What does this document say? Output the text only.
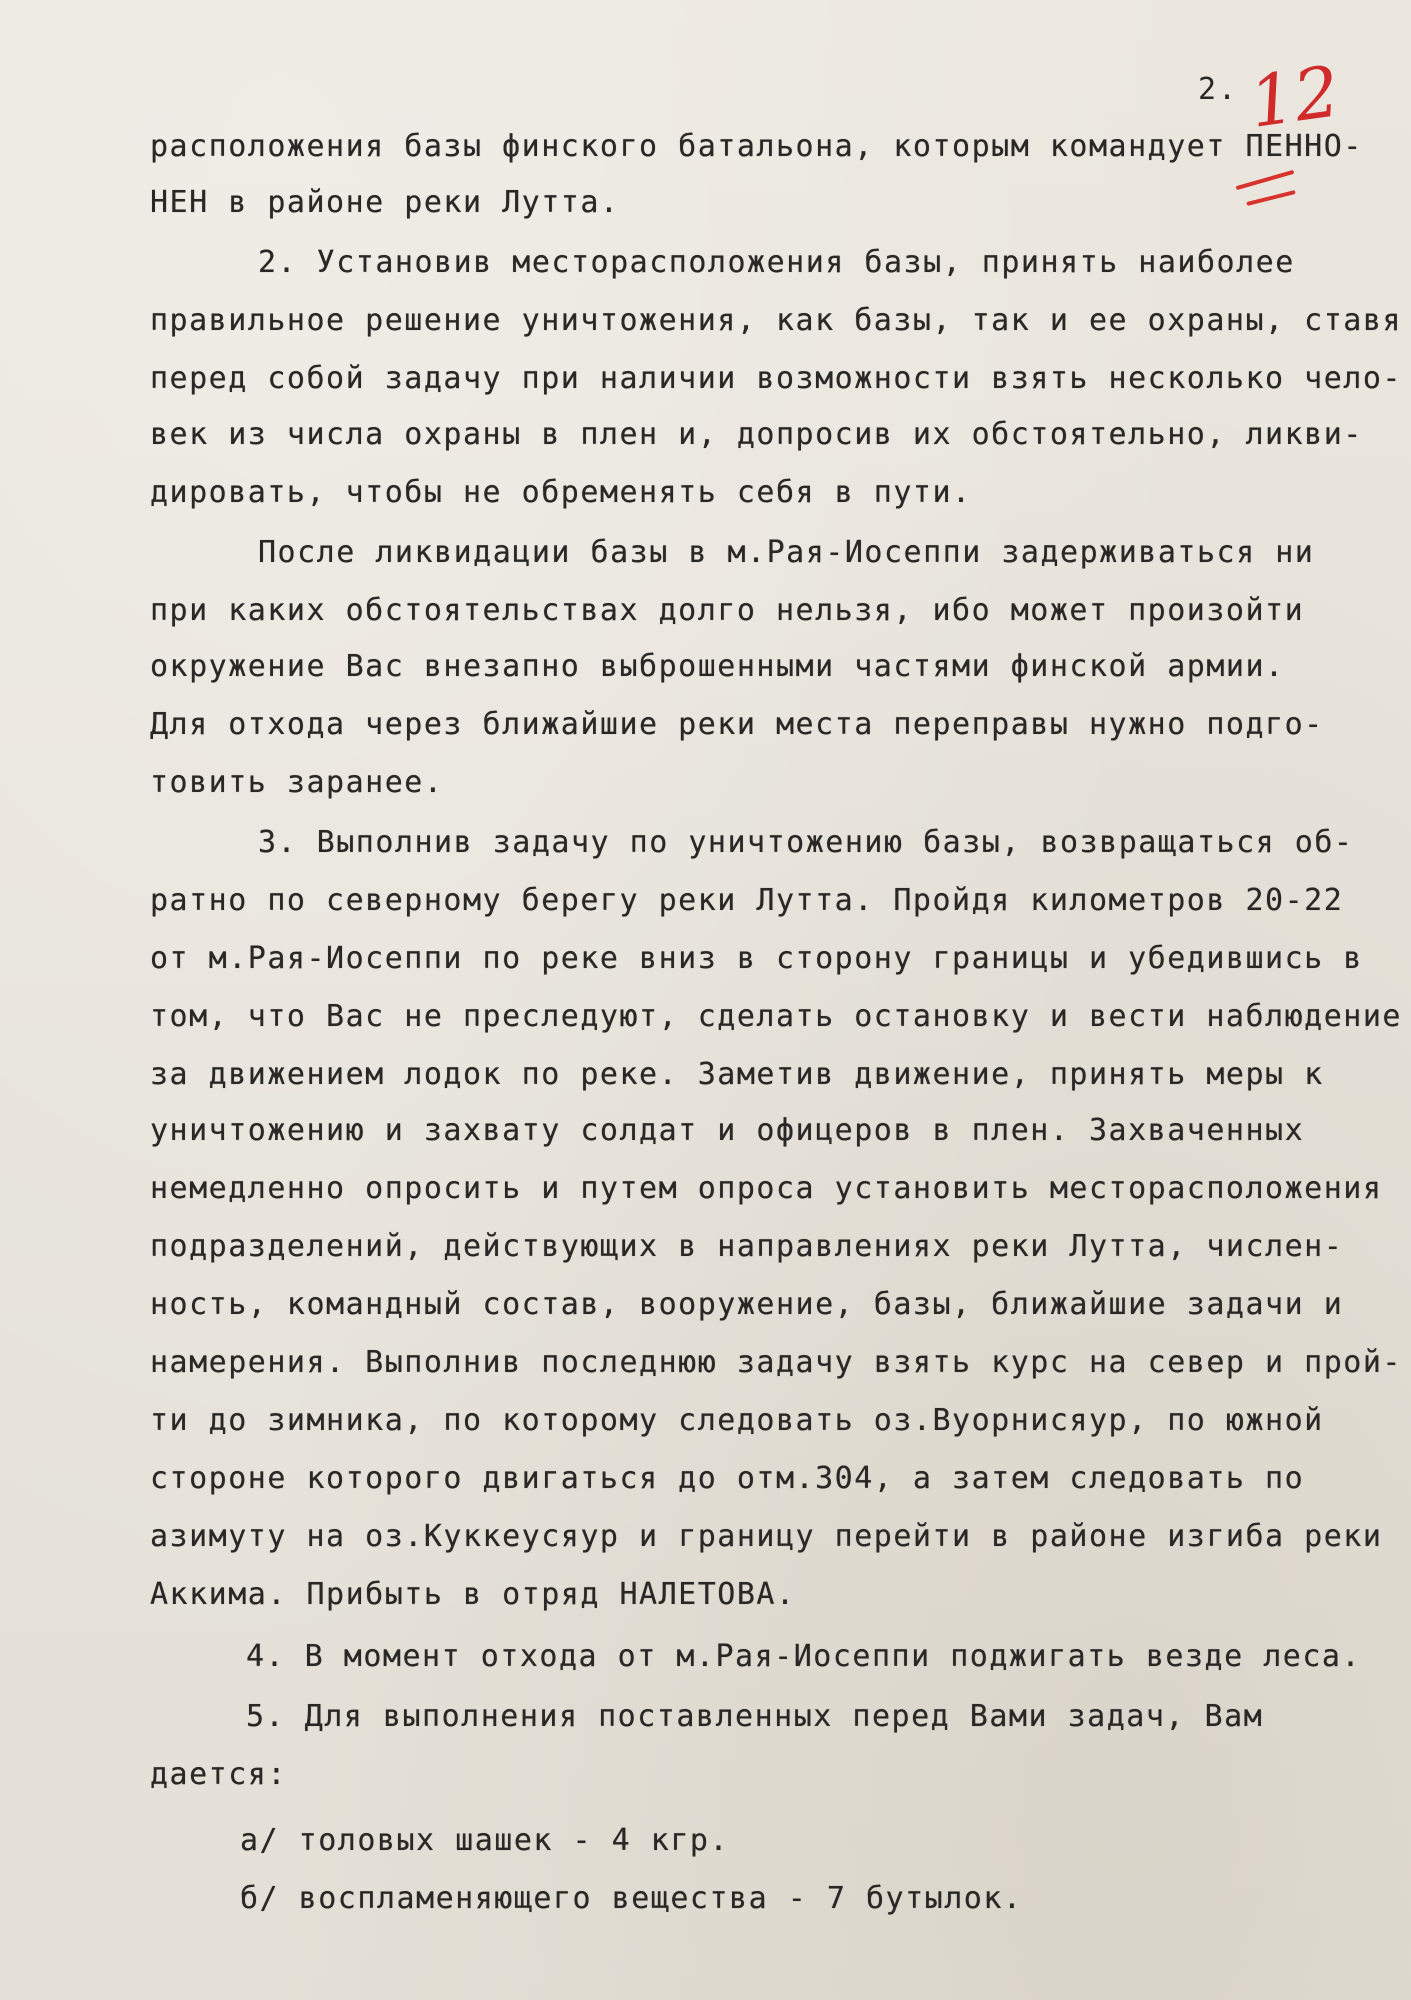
2. 12
расположения базы финского батальона, которым командует ПЕННО-
НЕН в районе реки Лутта.
2. Установив месторасположения базы, принять наиболее
правильное решение уничтожения, как базы, так и ее охраны, ставя
перед собой задачу при наличии возможности взять несколько чело-
век из числа охраны в плен и, допросив их обстоятельно, ликви-
дировать, чтобы не обременять себя в пути.
После ликвидации базы в м.Рая-Иосеппи задерживаться ни
при каких обстоятельствах долго нельзя, ибо может произойти
окружение Вас внезапно выброшенными частями финской армии.
Для отхода через ближайшие реки места переправы нужно подго-
товить заранее.
3. Выполнив задачу по уничтожению базы, возвращаться об-
ратно по северному берегу реки Лутта. Пройдя километров 20-22
от м.Рая-Иосеппи по реке вниз в сторону границы и убедившись в
том, что Вас не преследуют, сделать остановку и вести наблюдение
за движением лодок по реке. Заметив движение, принять меры к
уничтожению и захвату солдат и офицеров в плен. Захваченных
немедленно опросить и путем опроса установить месторасположения
подразделений, действующих в направлениях реки Лутта, числен-
ность, командный состав, вооружение, базы, ближайшие задачи и
намерения. Выполнив последнюю задачу взять курс на север и прой-
ти до зимника, по которому следовать оз.Вуорнисяур, по южной
стороне которого двигаться до отм.304, а затем следовать по
азимуту на оз.Куккеусяур и границу перейти в районе изгиба реки
Аккима. Прибыть в отряд НАЛЕТОВА.
4. В момент отхода от м.Рая-Иосеппи поджигать везде леса.
5. Для выполнения поставленных перед Вами задач, Вам
дается:
а/ толовых шашек - 4 кгр.
б/ воспламеняющего вещества - 7 бутылок.
